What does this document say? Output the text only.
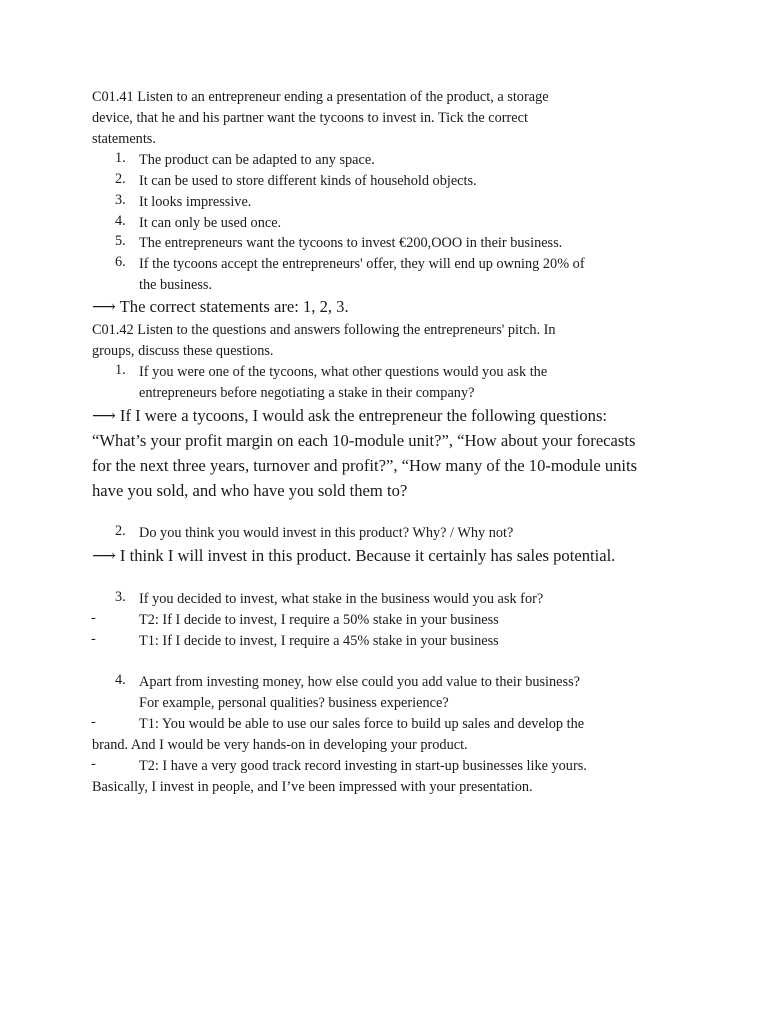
C01.41 Listen to an entrepreneur ending a presentation of the product, a storage
device, that he and his partner want the tycoons to invest in. Tick the correct
statements.
1. The product can be adapted to any space.
2. It can be used to store different kinds of household objects.
3. It looks impressive.
4. It can only be used once.
5. The entrepreneurs want the tycoons to invest €200,OOO in their business.
6. If the tycoons accept the entrepreneurs' offer, they will end up owning 20% of
the business.
⟶ The correct statements are: 1, 2, 3.
C01.42 Listen to the questions and answers following the entrepreneurs' pitch. In
groups, discuss these questions.
1. If you were one of the tycoons, what other questions would you ask the
entrepreneurs before negotiating a stake in their company?
⟶ If I were a tycoons, I would ask the entrepreneur the following questions:
“What’s your profit margin on each 10-module unit?”, “How about your forecasts
for the next three years, turnover and profit?”, “How many of the 10-module units
have you sold, and who have you sold them to?
2. Do you think you would invest in this product? Why? / Why not?
⟶ I think I will invest in this product. Because it certainly has sales potential.
3. If you decided to invest, what stake in the business would you ask for?
-	T2: If I decide to invest, I require a 50% stake in your business
-	T1: If I decide to invest, I require a 45% stake in your business
4. Apart from investing money, how else could you add value to their business?
For example, personal qualities? business experience?
-	T1: You would be able to use our sales force to build up sales and develop the
brand. And I would be very hands-on in developing your product.
-	T2: I have a very good track record investing in start-up businesses like yours.
Basically, I invest in people, and I’ve been impressed with your presentation.
